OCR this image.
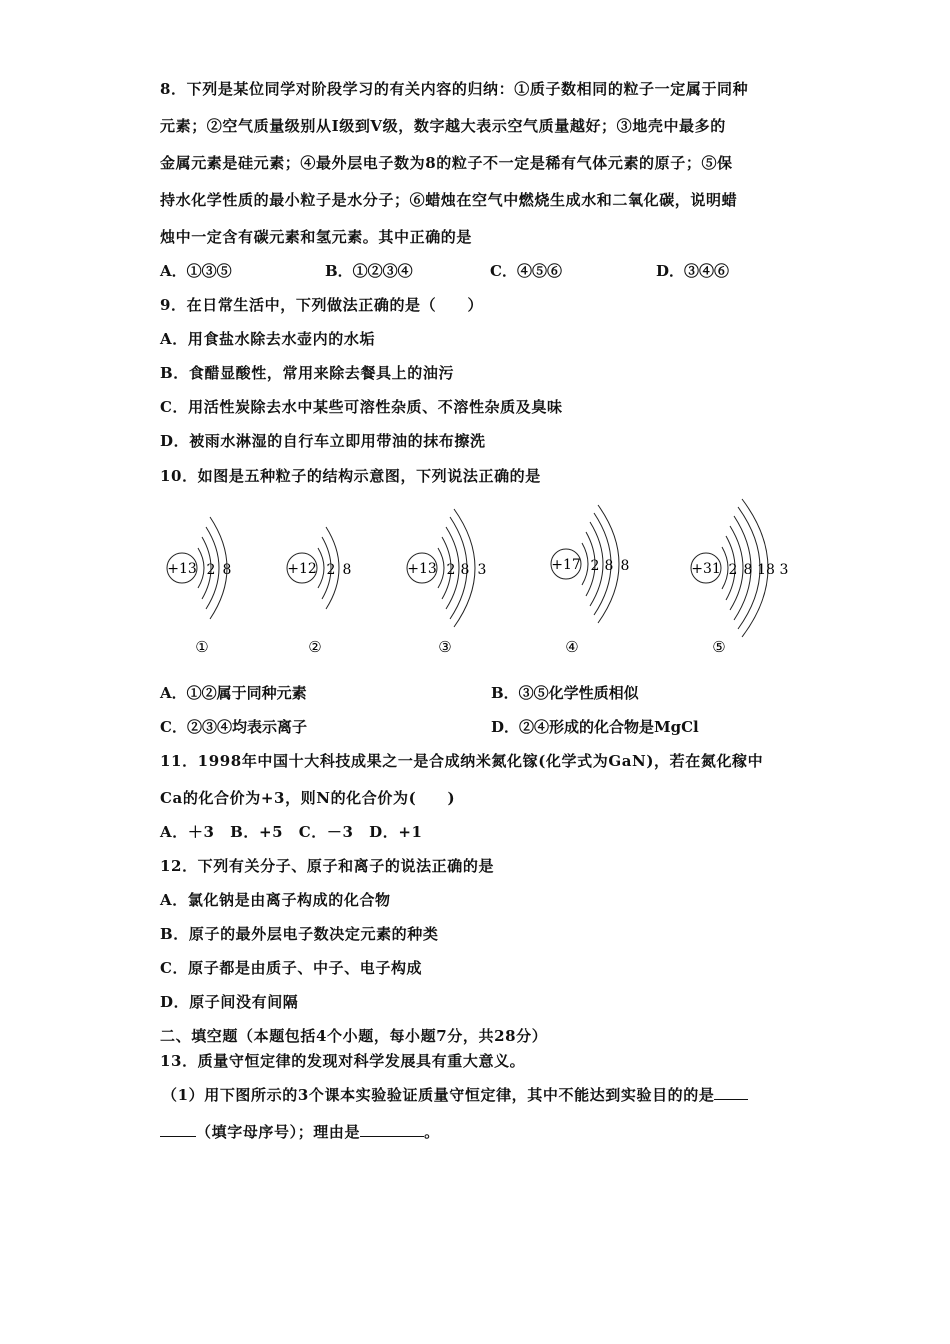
8．下列是某位同学对阶段学习的有关内容的归纳：①质子数相同的粒子一定属于同种
元素；②空气质量级别从Ⅰ级到Ⅴ级，数字越大表示空气质量越好；③地壳中最多的
金属元素是硅元素；④最外层电子数为8的粒子不一定是稀有气体元素的原子；⑤保
持水化学性质的最小粒子是水分子；⑥蜡烛在空气中燃烧生成水和二氧化碳，说明蜡
烛中一定含有碳元素和氢元素。其中正确的是
A．①③⑤	B．①②③④	C．④⑤⑥	D．③④⑥
9．在日常生活中，下列做法正确的是（　　）
A．用食盐水除去水壶内的水垢
B．食醋显酸性，常用来除去餐具上的油污
C．用活性炭除去水中某些可溶性杂质、不溶性杂质及臭味
D．被雨水淋湿的自行车立即用带油的抹布擦洗
10．如图是五种粒子的结构示意图，下列说法正确的是
+13 2 8
①
+12 2 8
②
+13 2 8 3
③
+17 2 8 8
④
+31 2 8 18 3
⑤
A．①②属于同种元素	B．③⑤化学性质相似
C．②③④均表示离子	D．②④形成的化合物是MgCl
11．1998年中国十大科技成果之一是合成纳米氮化镓(化学式为GaN)，若在氮化稼中
Ca的化合价为+3，则N的化合价为(　　)
A．＋3　B．+5　C．－3　D．+1
12．下列有关分子、原子和离子的说法正确的是
A．氯化钠是由离子构成的化合物
B．原子的最外层电子数决定元素的种类
C．原子都是由质子、中子、电子构成
D．原子间没有间隔
二、填空题（本题包括4个小题，每小题7分，共28分）
13．质量守恒定律的发现对科学发展具有重大意义。
（1）用下图所示的3个课本实验验证质量守恒定律，其中不能达到实验目的的是
（填字母序号）；理由是	。
